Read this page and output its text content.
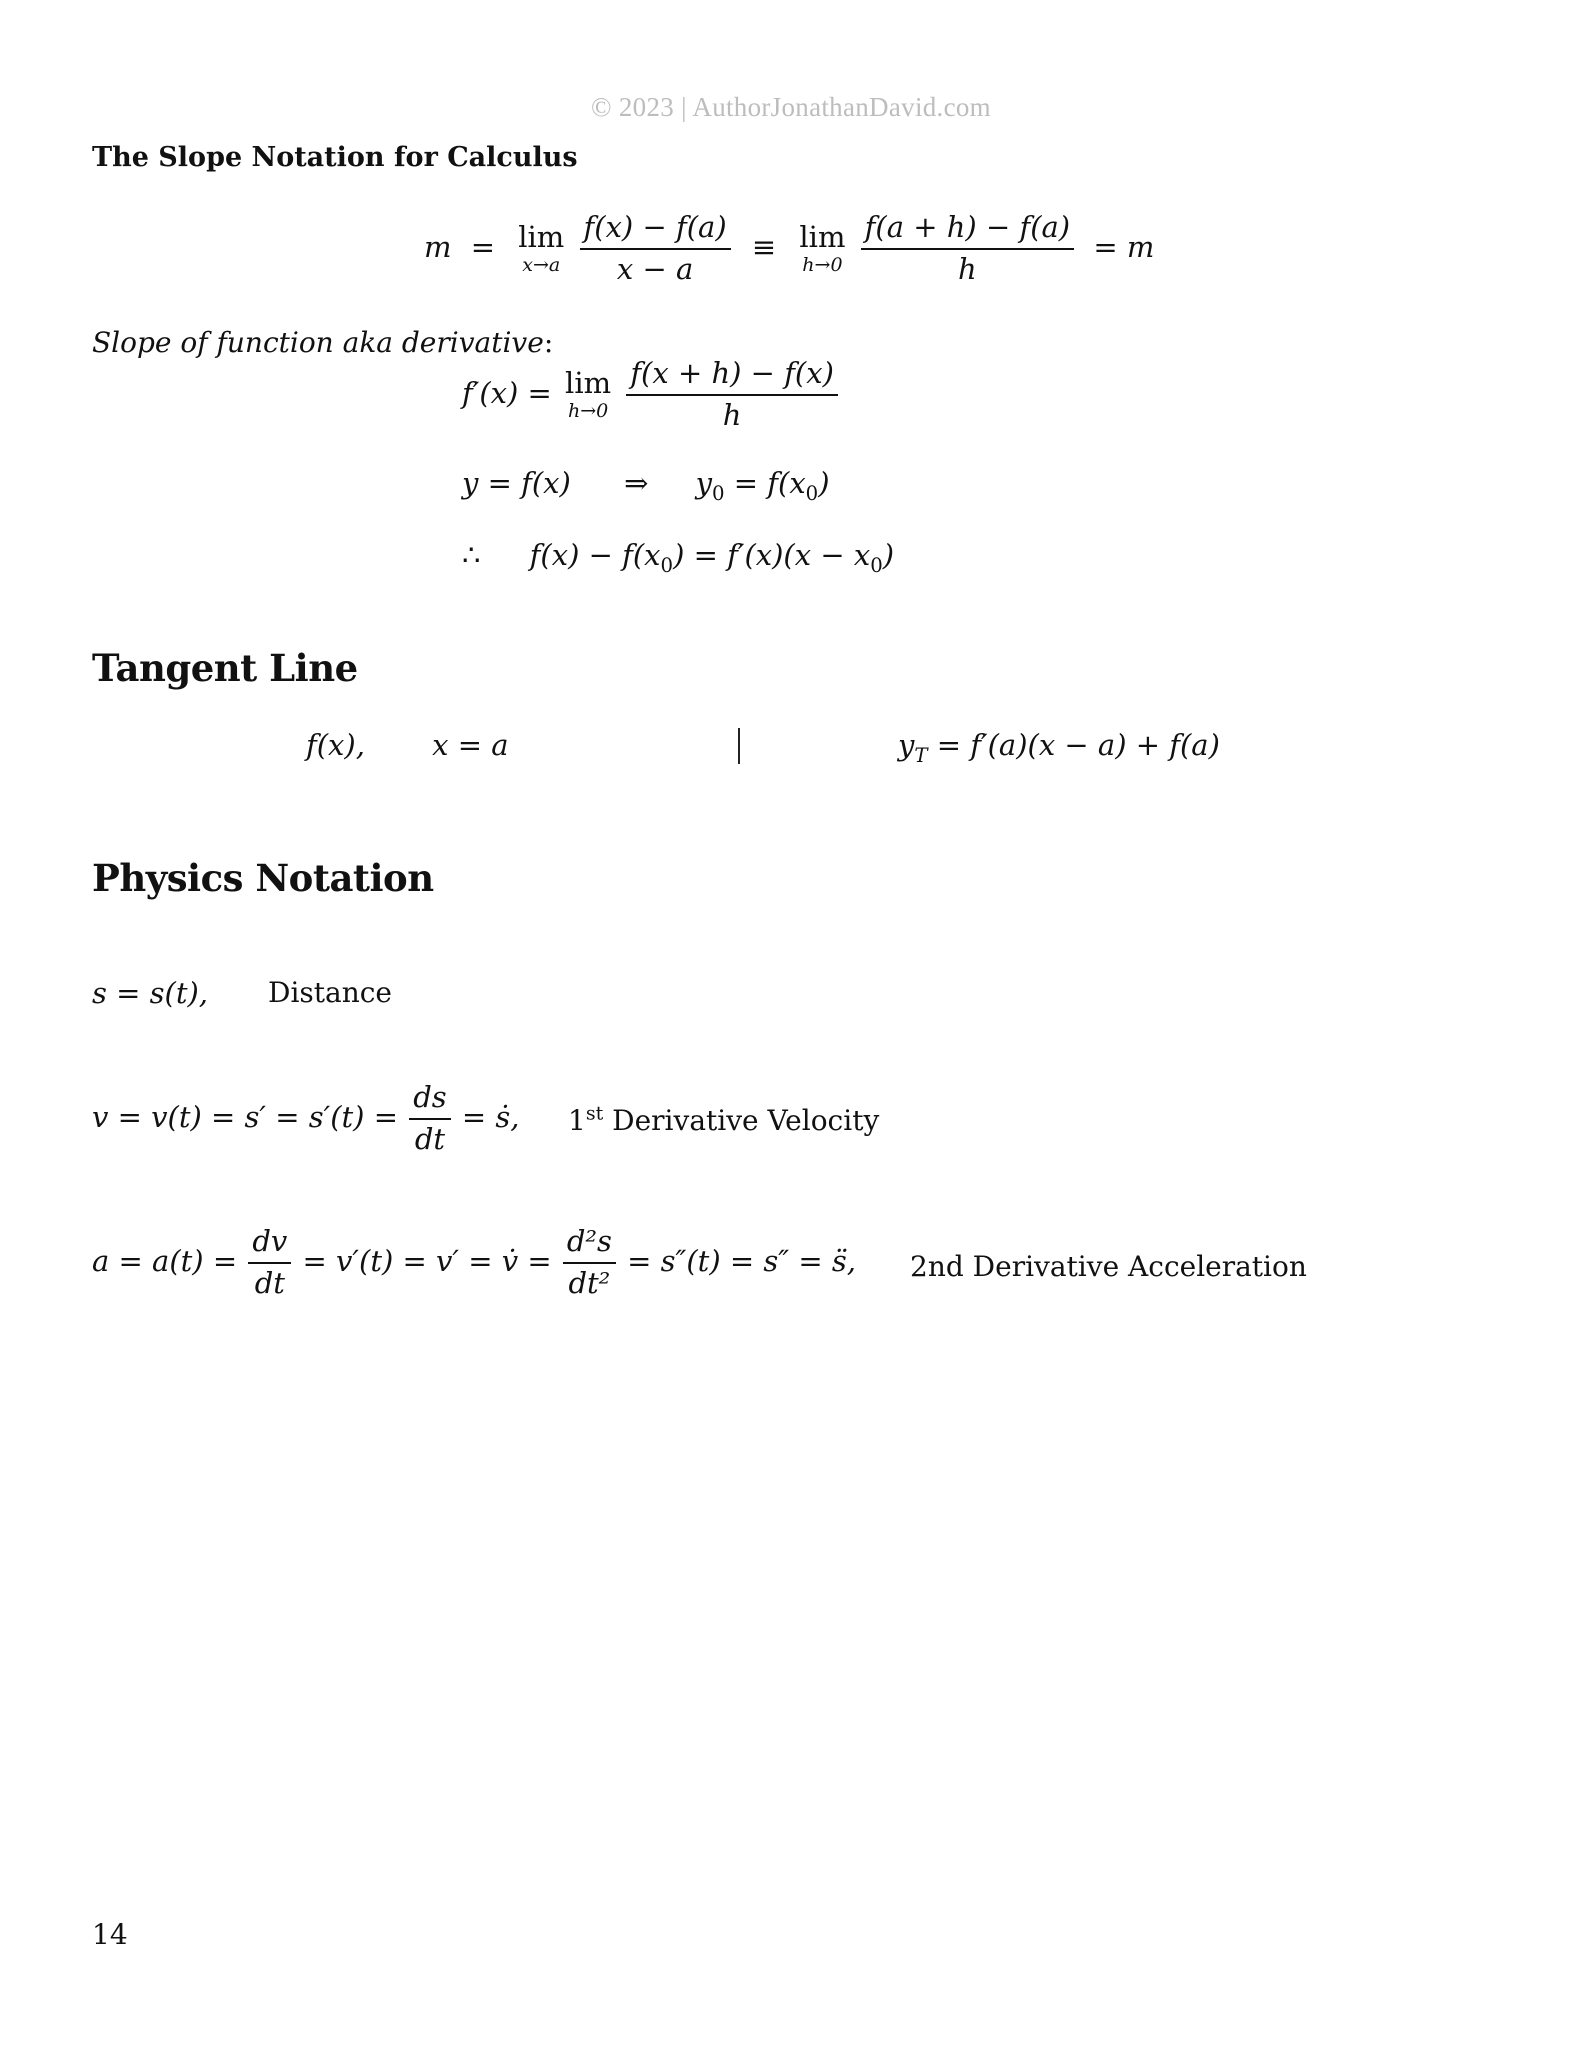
© 2023 | AuthorJonathanDavid.com
The Slope Notation for Calculus
m = lim
x→a
$\frac{f(x) - f(a)}{x - a} \equiv \lim$
h→0
$\frac{f(a + h) - f(a)}{h} = m$
Slope of function aka derivative:
f′(x) = lim
h→0
$\frac{f(x + h) - f(x)}{h}$
y = f(x) ⇒ $y_0 = f(x_0)$
∴ $f(x) - f(x_0) = f'(x)(x - x_0)$
Tangent Line
f(x), x = a	$y_T = f'(a)(x - a) + f(a)$
Physics Notation
s = s(t), Distance
$v = v(t) = s' = s'(t) = \frac{ds}{dt}$ = ṡ, 1st Derivative Velocity
$a = a(t) = \frac{dv}{dt} = v'(t) = v'$ = v̇ = $\frac{\text{d²s}}{\text{dt²}} = s''(t) = s''$ = s̈, 2nd Derivative Acceleration
14
